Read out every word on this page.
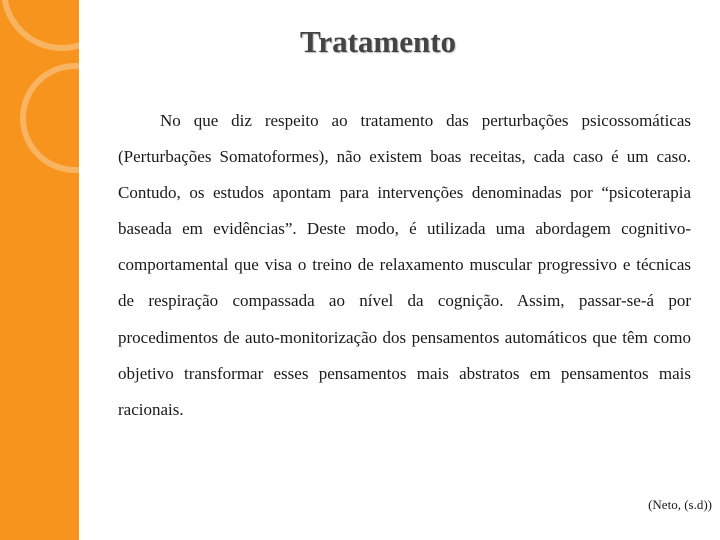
Tratamento

No que diz respeito ao tratamento das perturbações psicossomáticas (Perturbações Somatoformes), não existem boas receitas, cada caso é um caso. Contudo, os estudos apontam para intervenções denominadas por “psicoterapia baseada em evidências”. Deste modo, é utilizada uma abordagem cognitivo-comportamental que visa o treino de relaxamento muscular progressivo e técnicas de respiração compassada ao nível da cognição. Assim, passar-se-á por procedimentos de auto-monitorização dos pensamentos automáticos que têm como objetivo transformar esses pensamentos mais abstratos em pensamentos mais racionais.

(Neto, (s.d))
